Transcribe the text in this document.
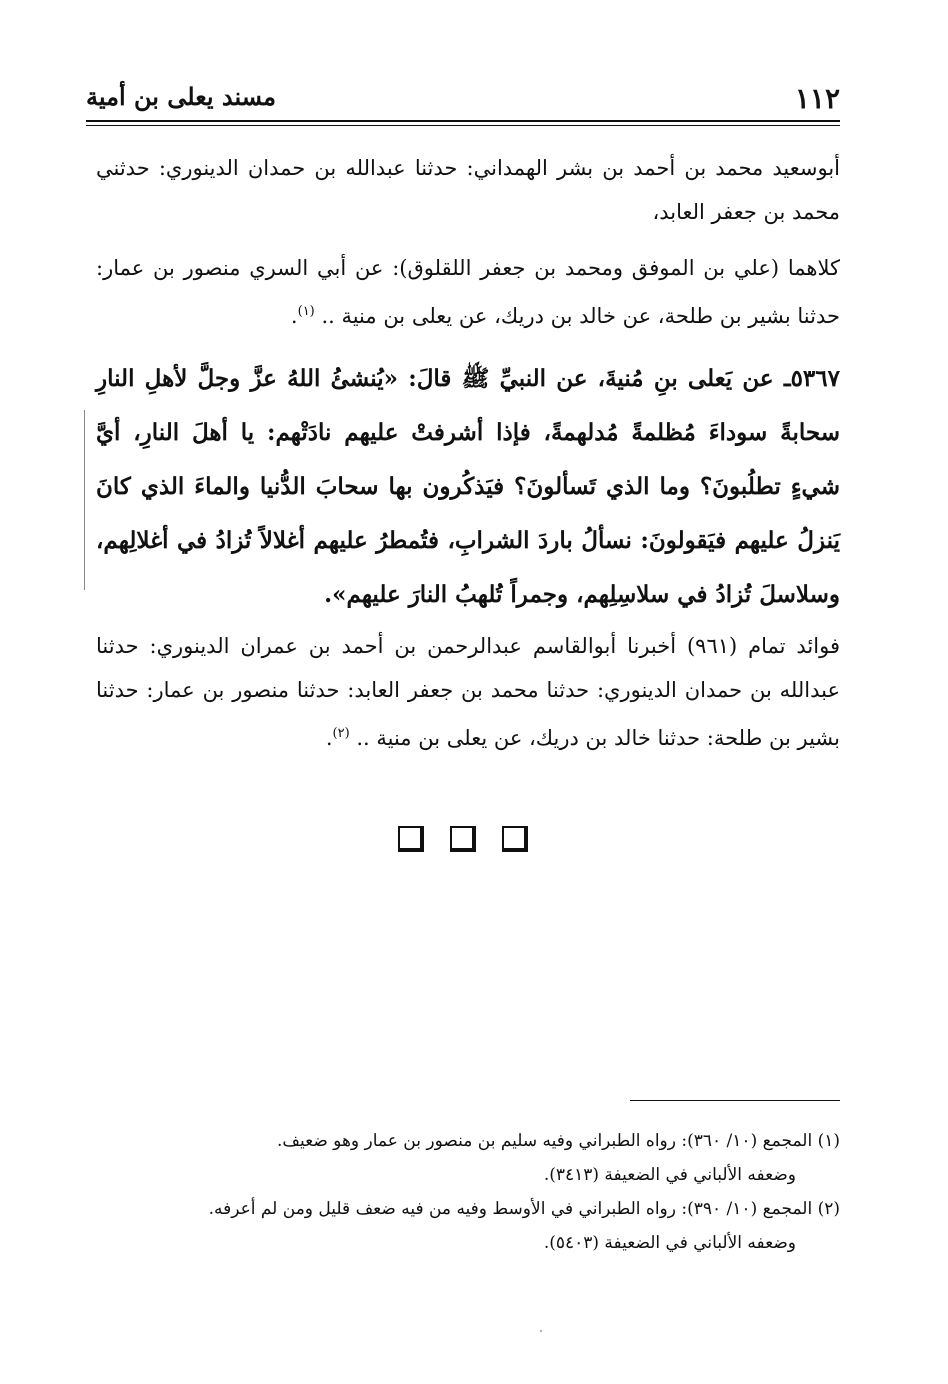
١١٢
مسند يعلى بن أمية
أبوسعيد محمد بن أحمد بن بشر الهمداني: حدثنا عبدالله بن حمدان الدينوري: حدثني محمد بن جعفر العابد،
كلاهما (علي بن الموفق ومحمد بن جعفر اللقلوق): عن أبي السري منصور بن عمار: حدثنا بشير بن طلحة، عن خالد بن دريك، عن يعلى بن منية .. $^{(١)}$.
٥٣٦٧ـ عن يَعلى بنِ مُنيةَ، عن النبيِّ ﷺ قالَ: «يُنشئُ اللهُ عزَّ وجلَّ لأهلِ النارِ سحابةً سوداءَ مُظلمةً مُدلهمةً، فإذا أشرفتْ عليهم نادَتْهم: يا أهلَ النارِ، أيَّ شيءٍ تطلُبونَ؟ وما الذي تَسألونَ؟ فيَذكُرون بها سحابَ الدُّنيا والماءَ الذي كانَ يَنزلُ عليهم فيَقولونَ: نسألُ باردَ الشرابِ، فتُمطرُ عليهم أغلالاً تُزادُ في أغلالِهم، وسلاسلَ تُزادُ في سلاسِلِهم، وجمراً تُلهبُ النارَ عليهم».
فوائد تمام (٩٦١) أخبرنا أبوالقاسم عبدالرحمن بن أحمد بن عمران الدينوري: حدثنا عبدالله بن حمدان الدينوري: حدثنا محمد بن جعفر العابد: حدثنا منصور بن عمار: حدثنا بشير بن طلحة: حدثنا خالد بن دريك، عن يعلى بن منية .. $^{(٢)}$.
(١) المجمع (١٠/ ٣٦٠): رواه الطبراني وفيه سليم بن منصور بن عمار وهو ضعيف.
وضعفه الألباني في الضعيفة (٣٤١٣).
(٢) المجمع (١٠/ ٣٩٠): رواه الطبراني في الأوسط وفيه من فيه ضعف قليل ومن لم أعرفه.
وضعفه الألباني في الضعيفة (٥٤٠٣).
